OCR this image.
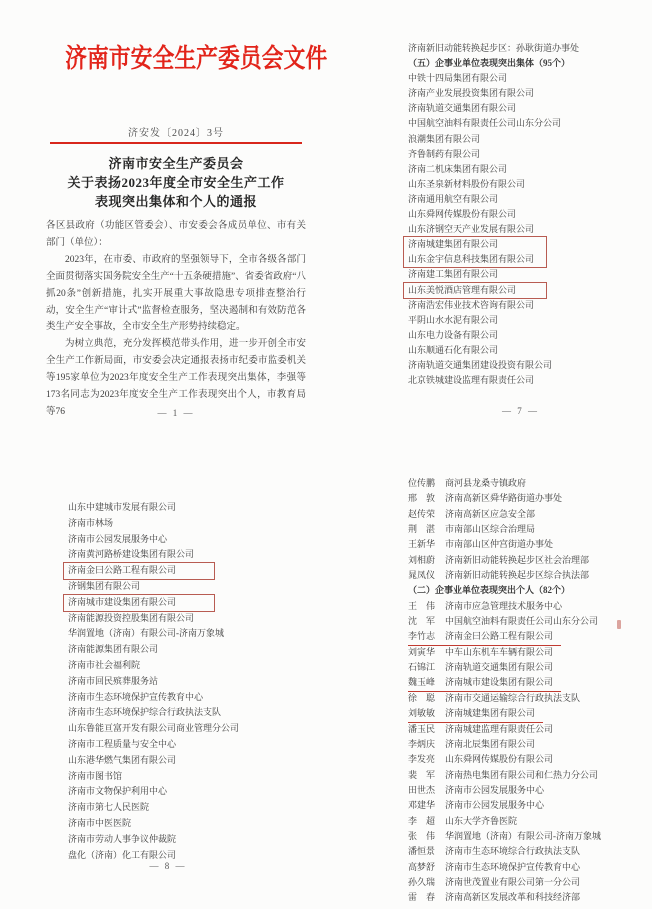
济南市安全生产委员会文件
济安发〔2024〕3号
济南市安全生产委员会
关于表扬2023年度全市安全生产工作
表现突出集体和个人的通报

各区县政府（功能区管委会）、市安委会各成员单位、市有关部门（单位）：

2023年，在市委、市政府的坚强领导下，全市各级各部门全面贯彻落实国务院安全生产“十五条硬措施”、省委省政府“八抓20条”创新措施，扎实开展重大事故隐患专项排查整治行动，安全生产“审计式”监督检查服务，坚决遏制和有效防范各类生产安全事故，全市安全生产形势持续稳定。

为树立典范，充分发挥模范带头作用，进一步开创全市安全生产工作新局面，市安委会决定通报表扬市纪委市监委机关等195家单位为2023年度安全生产工作表现突出集体，李强等173名同志为2023年度安全生产工作表现突出个人，市教育局等76	— 1 —
济南新旧动能转换起步区：孙耿街道办事处
（五）企事业单位表现突出集体（95个）
中铁十四局集团有限公司
济南产业发展投资集团有限公司
济南轨道交通集团有限公司
中国航空油料有限责任公司山东分公司
浪潮集团有限公司
齐鲁制药有限公司
济南二机床集团有限公司
山东圣泉新材料股份有限公司
济南通用航空有限公司
山东舜网传媒股份有限公司
山东济钢空天产业发展有限公司
济南城建集团有限公司
山东金宇信息科技集团有限公司
济南建工集团有限公司
山东美悦酒店管理有限公司
济南浩宏伟业技术咨询有限公司
平阴山水水泥有限公司
山东电力设备有限公司
山东顺通石化有限公司
济南轨道交通集团建设投资有限公司
北京铁城建设监理有限责任公司
— 7 —
山东中建城市发展有限公司
济南市林场
济南市公园发展服务中心
济南黄河路桥建设集团有限公司
济南金曰公路工程有限公司
济钢集团有限公司
济南城市建设集团有限公司
济南能源投资控股集团有限公司
华润置地（济南）有限公司-济南万象城
济南能源集团有限公司
济南市社会福利院
济南市回民殡葬服务站
济南市生态环境保护宣传教育中心
济南市生态环境保护综合行政执法支队
山东鲁能亘富开发有限公司商业管理分公司
济南市工程质量与安全中心
山东港华燃气集团有限公司
济南市图书馆
济南市文物保护利用中心
济南市第七人民医院
济南市中医医院
济南市劳动人事争议仲裁院
盘化（济南）化工有限公司
— 8 —
位传鹏 商河县龙桑寺镇政府
邢　敦 济南高新区舜华路街道办事处
赵传荣 济南高新区应急安全部
荆　湛 市南部山区综合治理局
王新华 市南部山区仲宫街道办事处
刘相蔚 济南新旧动能转换起步区社会治理部
晁凤仪 济南新旧动能转换起步区综合执法部
（二）企事业单位表现突出个人（82个）
王　伟 济南市应急管理技术服务中心
沈　军 中国航空油料有限责任公司山东分公司
李竹志 济南金曰公路工程有限公司
刘寅华 中车山东机车车辆有限公司
石锦江 济南轨道交通集团有限公司
魏玉峰 济南城市建设集团有限公司
徐　聪 济南市交通运输综合行政执法支队
刘敏敏 济南城建集团有限公司
潘玉民 济南城建监理有限责任公司
李炳庆 济南北辰集团有限公司
李发亮 山东舜网传媒股份有限公司
裴　军 济南热电集团有限公司和仁热力分公司
田世杰 济南市公园发展服务中心
邓建华 济南市公园发展服务中心
李　超 山东大学齐鲁医院
张　伟 华润置地（济南）有限公司-济南万象城
潘恒景 济南市生态环境综合行政执法支队
高梦舒 济南市生态环境保护宣传教育中心
孙久瑞 济南世茂置业有限公司第一分公司
雷　春 济南高新区发展改革和科技经济部
